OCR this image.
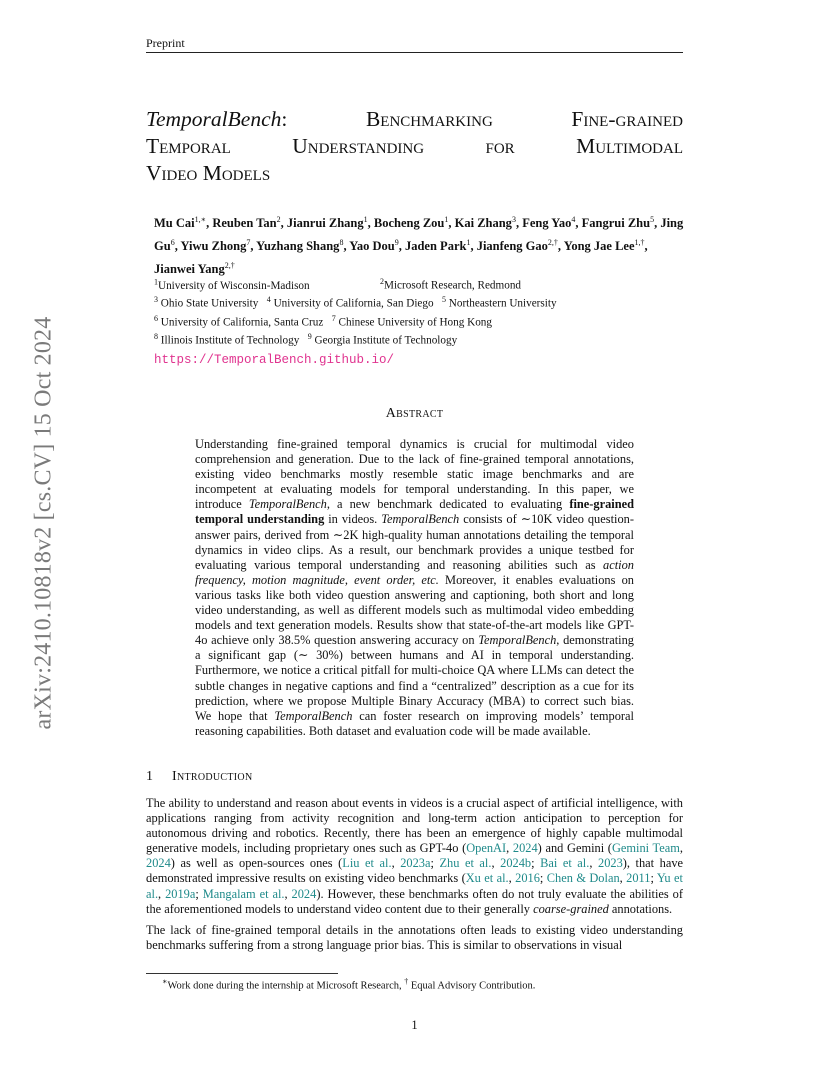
Preprint
arXiv:2410.10818v2 [cs.CV] 15 Oct 2024
TemporalBench: Benchmarking Fine-grained
Temporal Understanding for Multimodal
Video Models
Mu Cai$^{1,∗}$, Reuben Tan$^2$, Jianrui Zhang$^1$, Bocheng Zou$^1$, Kai Zhang$^3$, Feng Yao$^4$, Fangrui Zhu$^5$, Jing Gu$^6$, Yiwu Zhong$^7$, Yuzhang Shang$^8$, Yao Dou$^9$, Jaden Park$^1$, Jianfeng Gao$^{2,\dagger}$, Yong Jae Lee$^{1,\dagger}$, Jianwei Yang$^{2,\dagger}$
$^1$University of Wisconsin-Madison	$^2$Microsoft Research, Redmond
$^3$ Ohio State University $^4$ University of California, San Diego $^5$ Northeastern University
$^6$ University of California, Santa Cruz $^7$ Chinese University of Hong Kong
$^8$ Illinois Institute of Technology $^9$ Georgia Institute of Technology
https://TemporalBench.github.io/
Abstract

Understanding fine-grained temporal dynamics is crucial for multimodal video comprehension and generation. Due to the lack of fine-grained temporal annotations, existing video benchmarks mostly resemble static image benchmarks and are incompetent at evaluating models for temporal understanding. In this paper, we introduce TemporalBench, a new benchmark dedicated to evaluating fine-grained temporal understanding in videos. TemporalBench consists of ∼10K video question-answer pairs, derived from ∼2K high-quality human annotations detailing the temporal dynamics in video clips. As a result, our benchmark provides a unique testbed for evaluating various temporal understanding and reasoning abilities such as action frequency, motion magnitude, event order, etc. Moreover, it enables evaluations on various tasks like both video question answering and captioning, both short and long video understanding, as well as different models such as multimodal video embedding models and text generation models. Results show that state-of-the-art models like GPT-4o achieve only 38.5% question answering accuracy on TemporalBench, demonstrating a significant gap (∼ 30%) between humans and AI in temporal understanding. Furthermore, we notice a critical pitfall for multi-choice QA where LLMs can detect the subtle changes in negative captions and find a “centralized” description as a cue for its prediction, where we propose Multiple Binary Accuracy (MBA) to correct such bias. We hope that TemporalBench can foster research on improving models’ temporal reasoning capabilities. Both dataset and evaluation code will be made available.

1 Introduction

The ability to understand and reason about events in videos is a crucial aspect of artificial intelligence, with applications ranging from activity recognition and long-term action anticipation to perception for autonomous driving and robotics. Recently, there has been an emergence of highly capable multimodal generative models, including proprietary ones such as GPT-4o (OpenAI, 2024) and Gemini (Gemini Team, 2024) as well as open-sources ones (Liu et al., 2023a; Zhu et al., 2024b; Bai et al., 2023), that have demonstrated impressive results on existing video benchmarks (Xu et al., 2016; Chen & Dolan, 2011; Yu et al., 2019a; Mangalam et al., 2024). However, these benchmarks often do not truly evaluate the abilities of the aforementioned models to understand video content due to their generally coarse-grained annotations.

The lack of fine-grained temporal details in the annotations often leads to existing video understanding benchmarks suffering from a strong language prior bias. This is similar to observations in visual

∗Work done during the internship at Microsoft Research, † Equal Advisory Contribution.
1
